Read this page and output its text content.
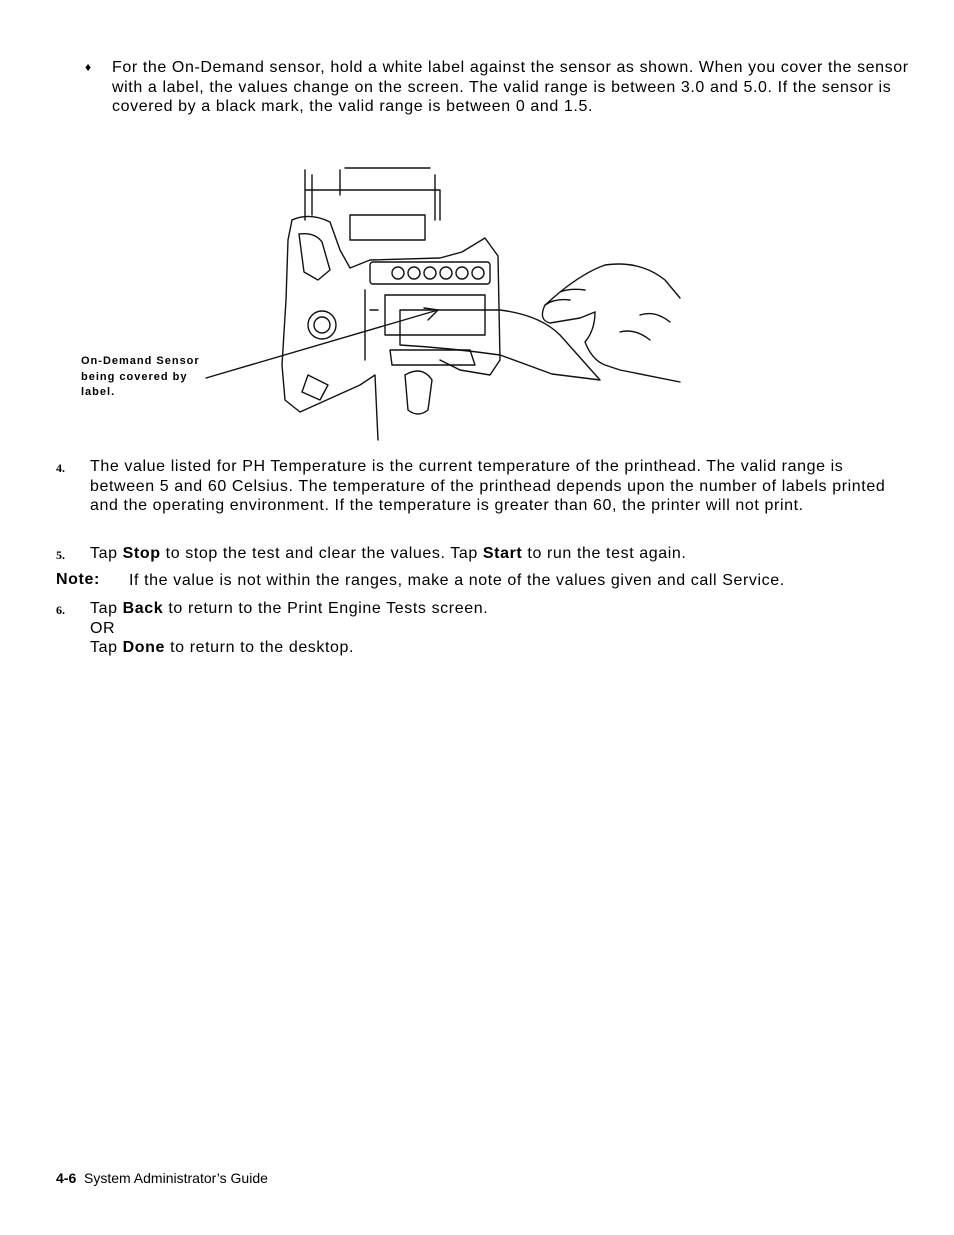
♦ For the On-Demand sensor, hold a white label against the sensor as shown. When you cover the sensor with a label, the values change on the screen. The valid range is between 3.0 and 5.0. If the sensor is covered by a black mark, the valid range is between 0 and 1.5.
On-Demand Sensor
being covered by
label.
4. The value listed for PH Temperature is the current temperature of the printhead. The valid range is between 5 and 60 Celsius. The temperature of the printhead depends upon the number of labels printed and the operating environment. If the temperature is greater than 60, the printer will not print.
5. Tap Stop to stop the test and clear the values. Tap Start to run the test again.
Note: If the value is not within the ranges, make a note of the values given and call Service.
6. Tap Back to return to the Print Engine Tests screen.
OR
Tap Done to return to the desktop.
4-6 System Administrator’s Guide
